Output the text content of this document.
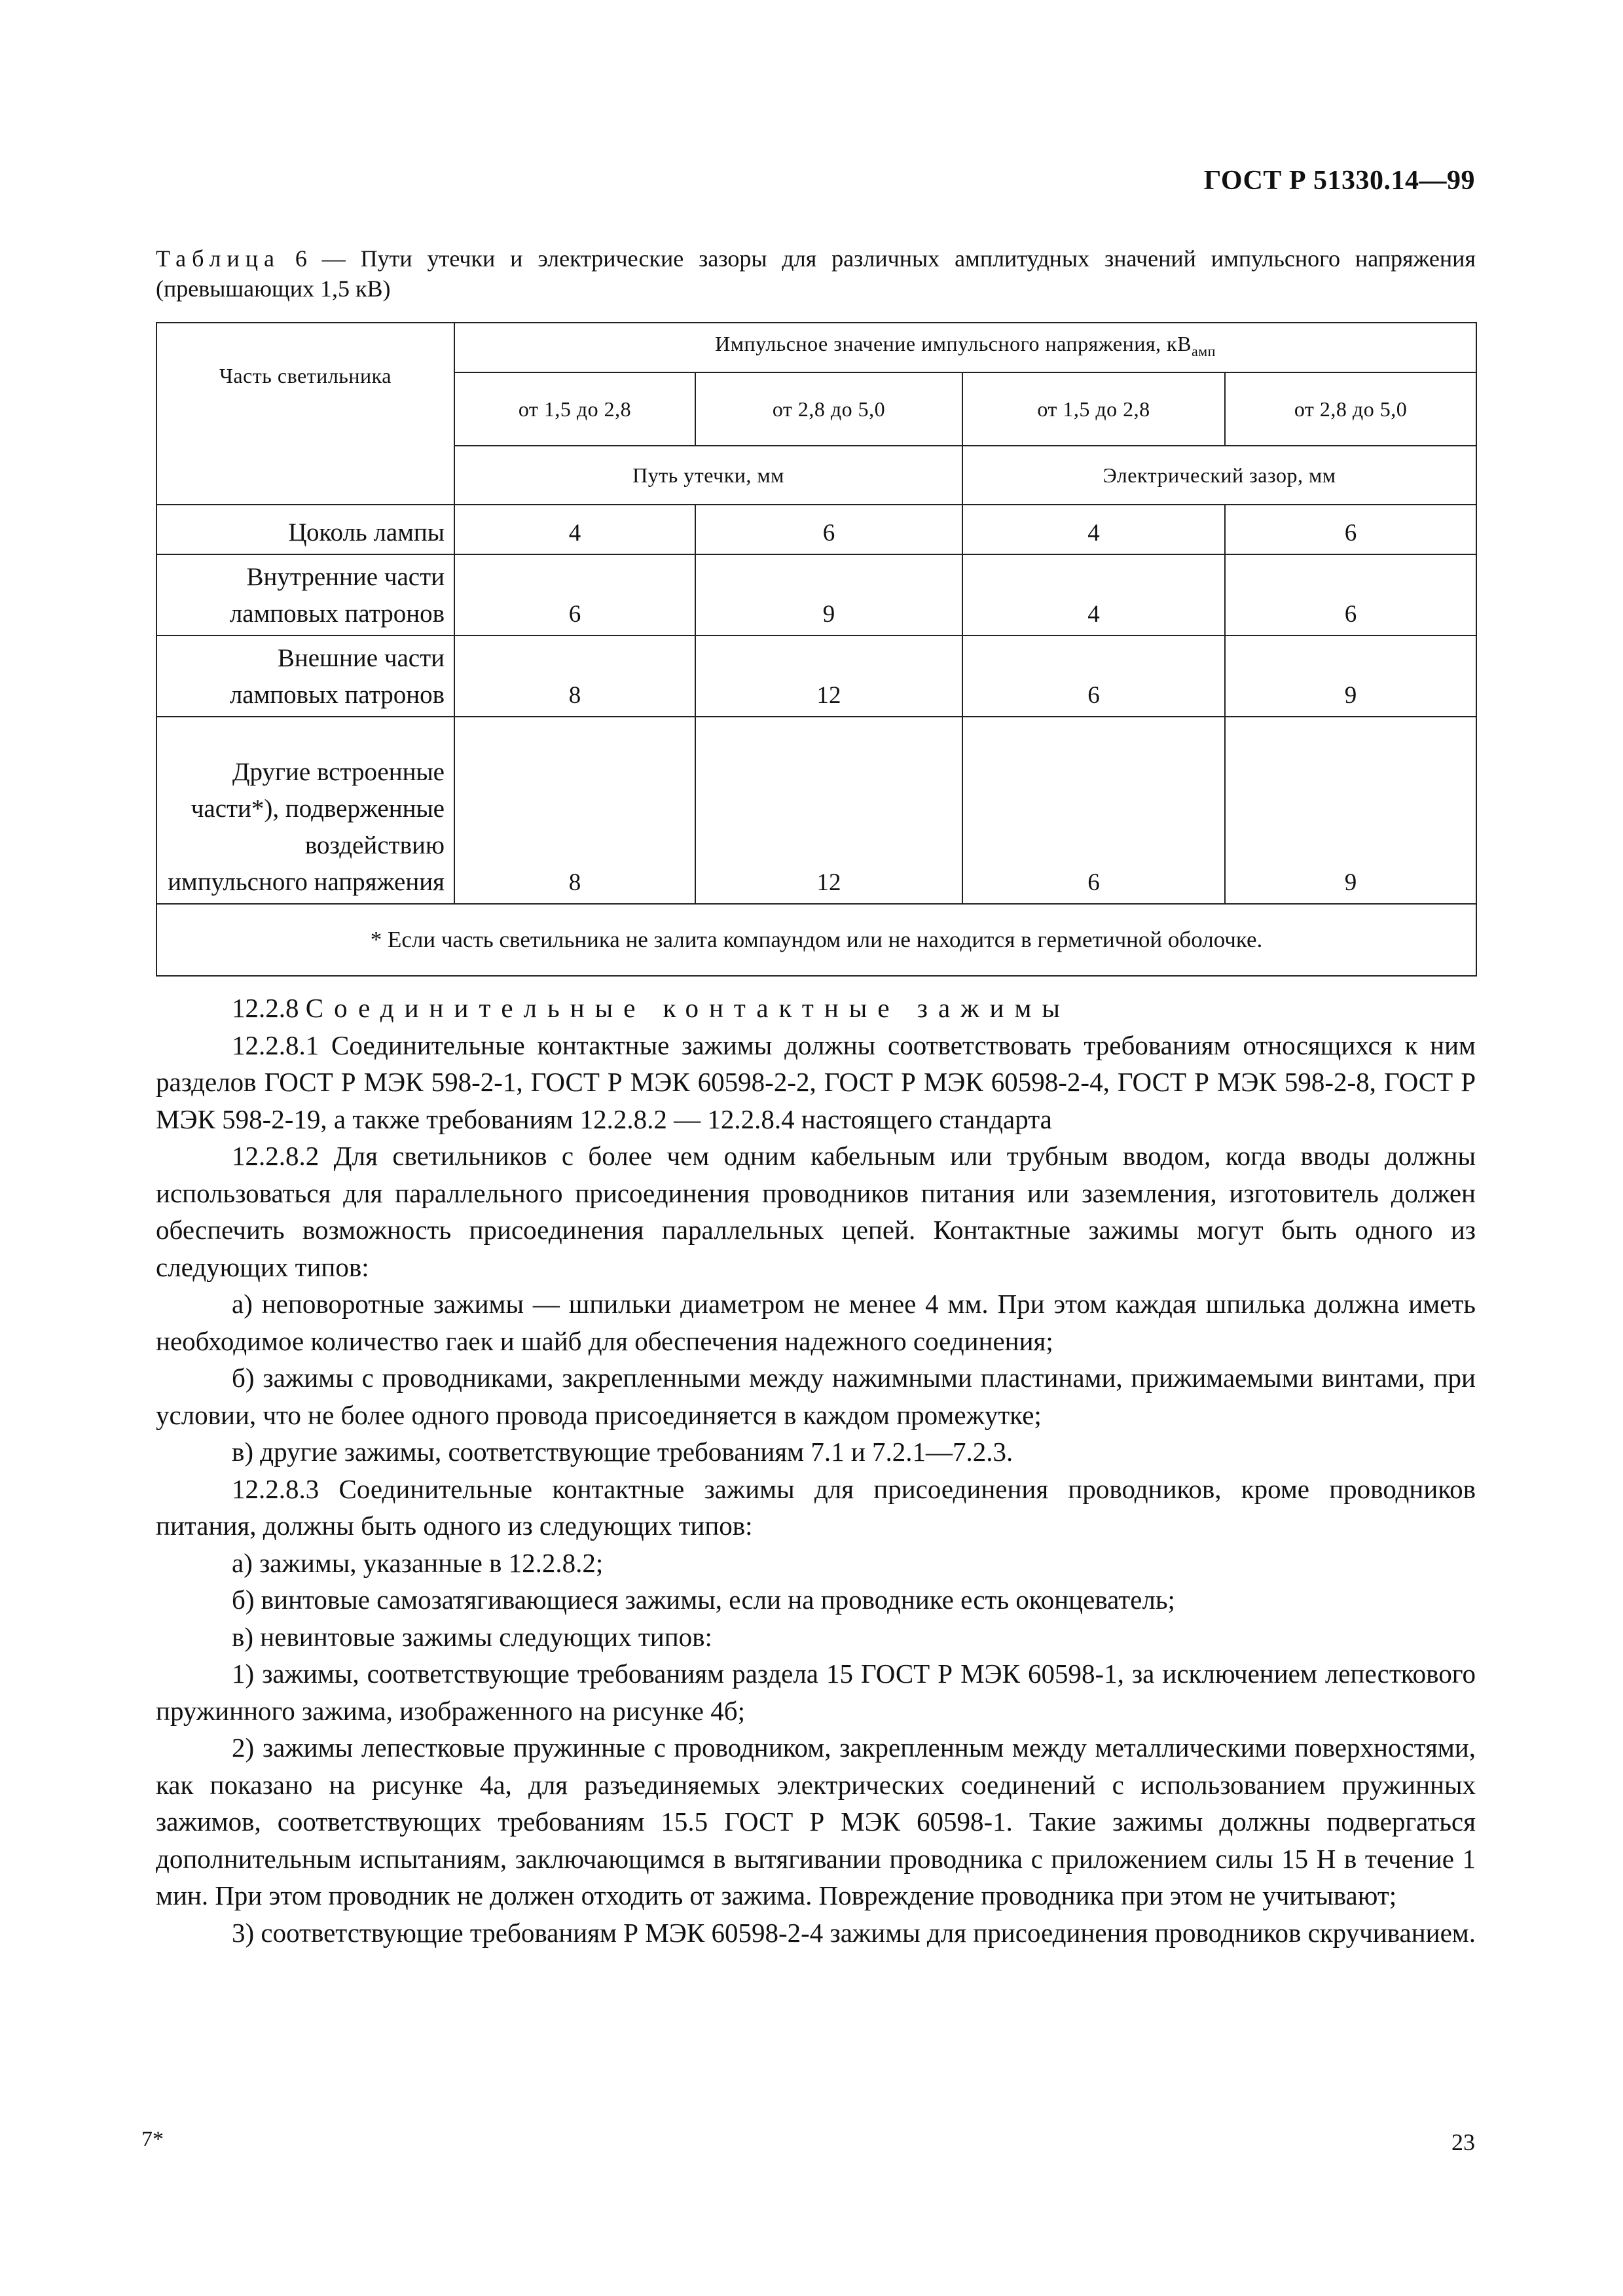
ГОСТ Р 51330.14—99
Таблица 6 — Пути утечки и электрические зазоры для различных амплитудных значений импульсного напряжения (превышающих 1,5 кВ)
Часть светильника	Импульсное значение импульсного напряжения, $кВ_{амп}$
	от 1,5 до 2,8	от 2,8 до 5,0	от 1,5 до 2,8	от 2,8 до 5,0
	Путь утечки, мм		Электрический зазор, мм	
Цоколь лампы	4	6	4	6
Внутренние части ламповых патронов	6	9	4	6
Внешние части ламповых патронов	8	12	6	9
Другие встроенные части*), подверженные воздействию импульсного напряжения	8	12	6	9
* Если часть светильника не залита компаундом или не находится в герметичной оболочке.				

12.2.8 Соединительные контактные зажимы

12.2.8.1 Соединительные контактные зажимы должны соответствовать требованиям относящихся к ним разделов ГОСТ Р МЭК 598-2-1, ГОСТ Р МЭК 60598-2-2, ГОСТ Р МЭК 60598-2-4, ГОСТ Р МЭК 598-2-8, ГОСТ Р МЭК 598-2-19, а также требованиям 12.2.8.2 — 12.2.8.4 настоящего стандарта

12.2.8.2 Для светильников с более чем одним кабельным или трубным вводом, когда вводы должны использоваться для параллельного присоединения проводников питания или заземления, изготовитель должен обеспечить возможность присоединения параллельных цепей. Контактные зажимы могут быть одного из следующих типов:

а) неповоротные зажимы — шпильки диаметром не менее 4 мм. При этом каждая шпилька должна иметь необходимое количество гаек и шайб для обеспечения надежного соединения;

б) зажимы с проводниками, закрепленными между нажимными пластинами, прижимаемыми винтами, при условии, что не более одного провода присоединяется в каждом промежутке;

в) другие зажимы, соответствующие требованиям 7.1 и 7.2.1—7.2.3.

12.2.8.3 Соединительные контактные зажимы для присоединения проводников, кроме проводников питания, должны быть одного из следующих типов:

а) зажимы, указанные в 12.2.8.2;

б) винтовые самозатягивающиеся зажимы, если на проводнике есть оконцеватель;

в) невинтовые зажимы следующих типов:

1) зажимы, соответствующие требованиям раздела 15 ГОСТ Р МЭК 60598-1, за исключением лепесткового пружинного зажима, изображенного на рисунке 4б;

2) зажимы лепестковые пружинные с проводником, закрепленным между металлическими поверхностями, как показано на рисунке 4а, для разъединяемых электрических соединений с использованием пружинных зажимов, соответствующих требованиям 15.5 ГОСТ Р МЭК 60598-1. Такие зажимы должны подвергаться дополнительным испытаниям, заключающимся в вытягивании проводника с приложением силы 15 Н в течение 1 мин. При этом проводник не должен отходить от зажима. Повреждение проводника при этом не учитывают;

3) соответствующие требованиям Р МЭК 60598-2-4 зажимы для присоединения проводников скручиванием.

7*	23
